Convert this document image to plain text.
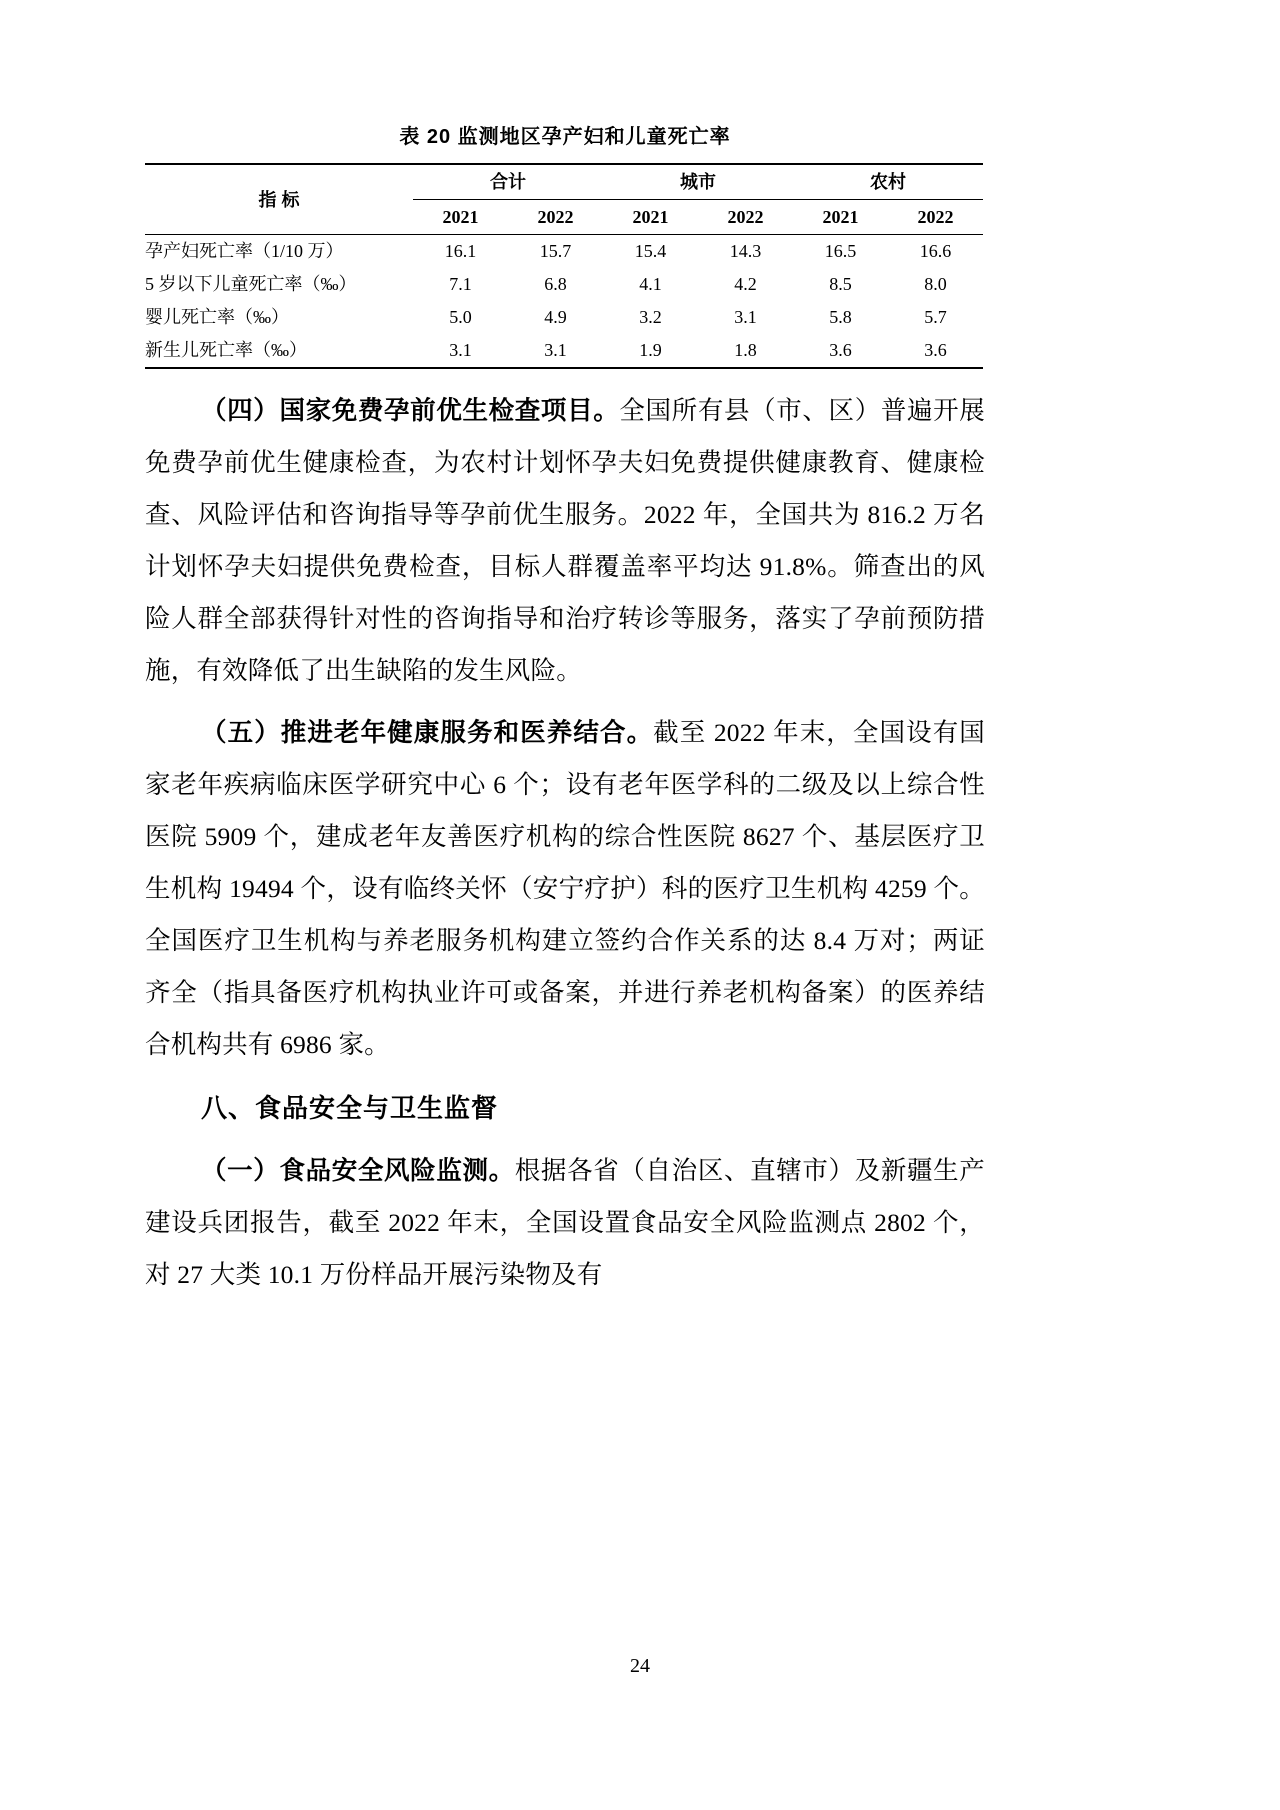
表 20 监测地区孕产妇和儿童死亡率
指 标	合计		城市		农村	
	2021	2022	2021	2022	2021	2022
孕产妇死亡率（1/10 万）	16.1	15.7	15.4	14.3	16.5	16.6
5 岁以下儿童死亡率（‰）	7.1	6.8	4.1	4.2	8.5	8.0
婴儿死亡率（‰）	5.0	4.9	3.2	3.1	5.8	5.7
新生儿死亡率（‰）	3.1	3.1	1.9	1.8	3.6	3.6

（四）国家免费孕前优生检查项目。全国所有县（市、区）普遍开展免费孕前优生健康检查，为农村计划怀孕夫妇免费提供健康教育、健康检查、风险评估和咨询指导等孕前优生服务。2022 年，全国共为 816.2 万名计划怀孕夫妇提供免费检查，目标人群覆盖率平均达 91.8%。筛查出的风险人群全部获得针对性的咨询指导和治疗转诊等服务，落实了孕前预防措施，有效降低了出生缺陷的发生风险。

（五）推进老年健康服务和医养结合。截至 2022 年末，全国设有国家老年疾病临床医学研究中心 6 个；设有老年医学科的二级及以上综合性医院 5909 个，建成老年友善医疗机构的综合性医院 8627 个、基层医疗卫生机构 19494 个，设有临终关怀（安宁疗护）科的医疗卫生机构 4259 个。全国医疗卫生机构与养老服务机构建立签约合作关系的达 8.4 万对；两证齐全（指具备医疗机构执业许可或备案，并进行养老机构备案）的医养结合机构共有 6986 家。

八、食品安全与卫生监督

（一）食品安全风险监测。根据各省（自治区、直辖市）及新疆生产建设兵团报告，截至 2022 年末，全国设置食品安全风险监测点 2802 个，对 27 大类 10.1 万份样品开展污染物及有

24
